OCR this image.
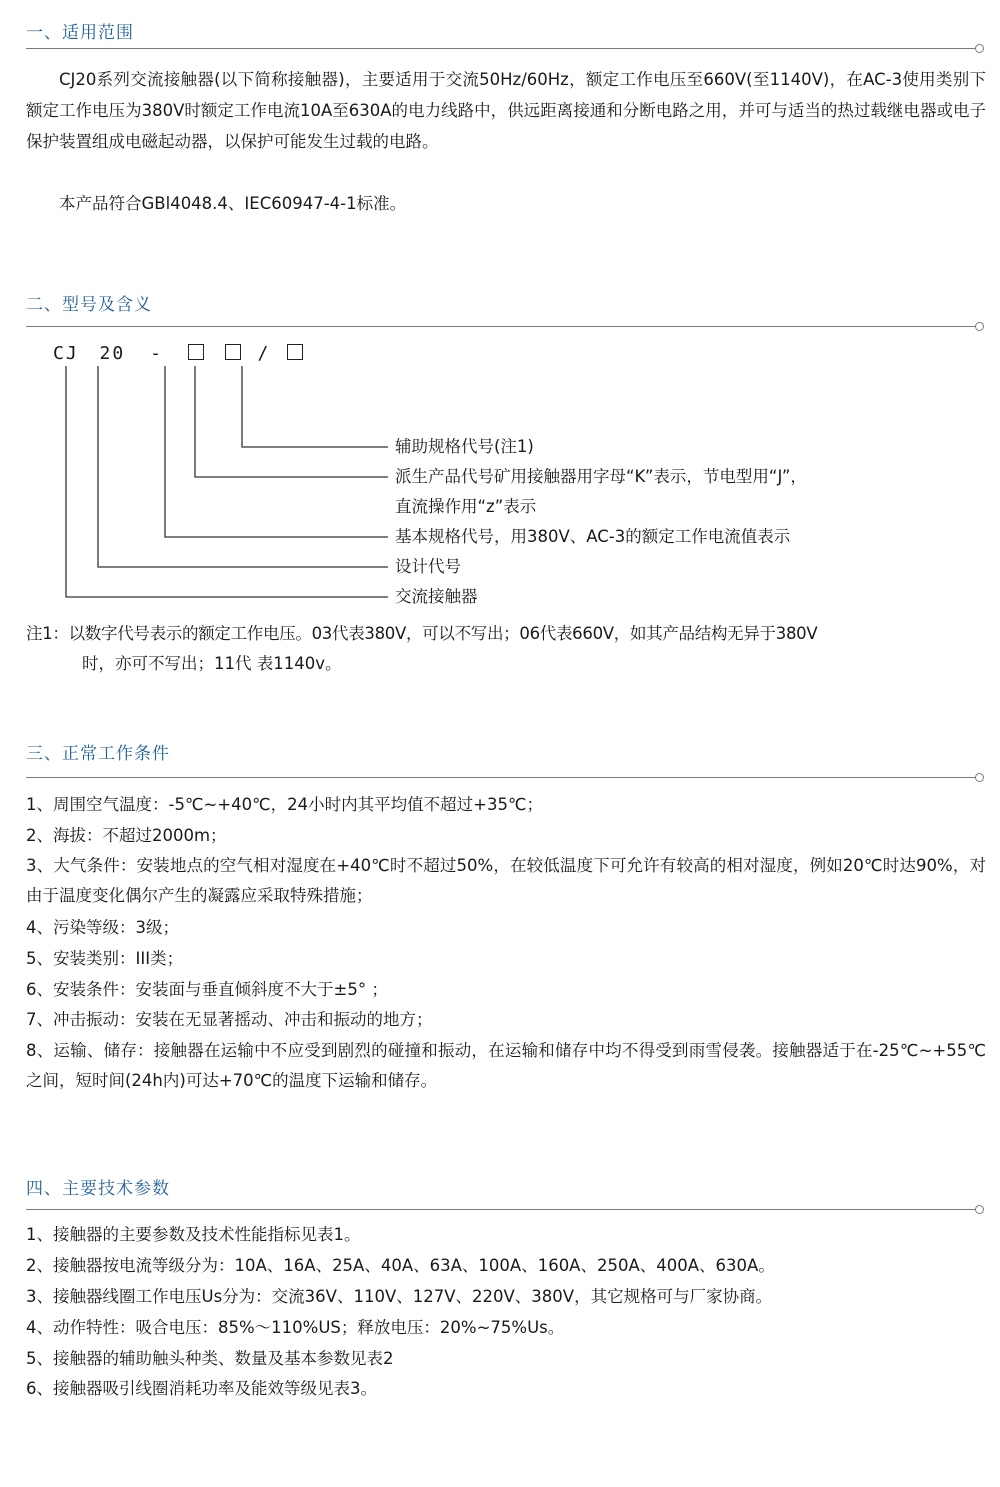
一、适用范围
CJ20系列交流接触器(以下简称接触器)，主要适用于交流50Hz/60Hz，额定工作电压至660V(至1140V)，在AC-3使用类别下额定工作电压为380V时额定工作电流10A至630A的电力线路中，供远距离接通和分断电路之用，并可与适当的热过载继电器或电子保护装置组成电磁起动器，以保护可能发生过载的电路。
本产品符合GBl4048.4、IEC60947-4-1标准。
二、型号及含义
CJ 20 -	/
辅助规格代号(注1)
派生产品代号矿用接触器用字母“K”表示，节电型用“J”，
直流操作用“z”表示
基本规格代号，用380V、AC-3的额定工作电流值表示
设计代号
交流接触器
注1：以数字代号表示的额定工作电压。03代表380V，可以不写出；06代表660V，如其产品结构无异于380V
时，亦可不写出；11代 表1140v。
三、正常工作条件
1、周围空气温度：-5℃~+40℃，24小时内其平均值不超过+35℃；
2、海拔：不超过2000m；
3、大气条件：安装地点的空气相对湿度在+40℃时不超过50%，在较低温度下可允许有较高的相对湿度，例如20℃时达90%，对由于温度变化偶尔产生的凝露应采取特殊措施；
4、污染等级：3级；
5、安装类别：III类；
6、安装条件：安装面与垂直倾斜度不大于±5° ；
7、冲击振动：安装在无显著摇动、冲击和振动的地方；
8、运输、储存：接触器在运输中不应受到剧烈的碰撞和振动，在运输和储存中均不得受到雨雪侵袭。接触器适于在-25℃~+55℃之间，短时间(24h内)可达+70℃的温度下运输和储存。
四、主要技术参数
1、接触器的主要参数及技术性能指标见表1。
2、接触器按电流等级分为：10A、16A、25A、40A、63A、100A、160A、250A、400A、630A。
3、接触器线圈工作电压Us分为：交流36V、110V、127V、220V、380V，其它规格可与厂家协商。
4、动作特性：吸合电压：85%～110%US；释放电压：20%~75%Us。
5、接触器的辅助触头种类、数量及基本参数见表2
6、接触器吸引线圈消耗功率及能效等级见表3。
